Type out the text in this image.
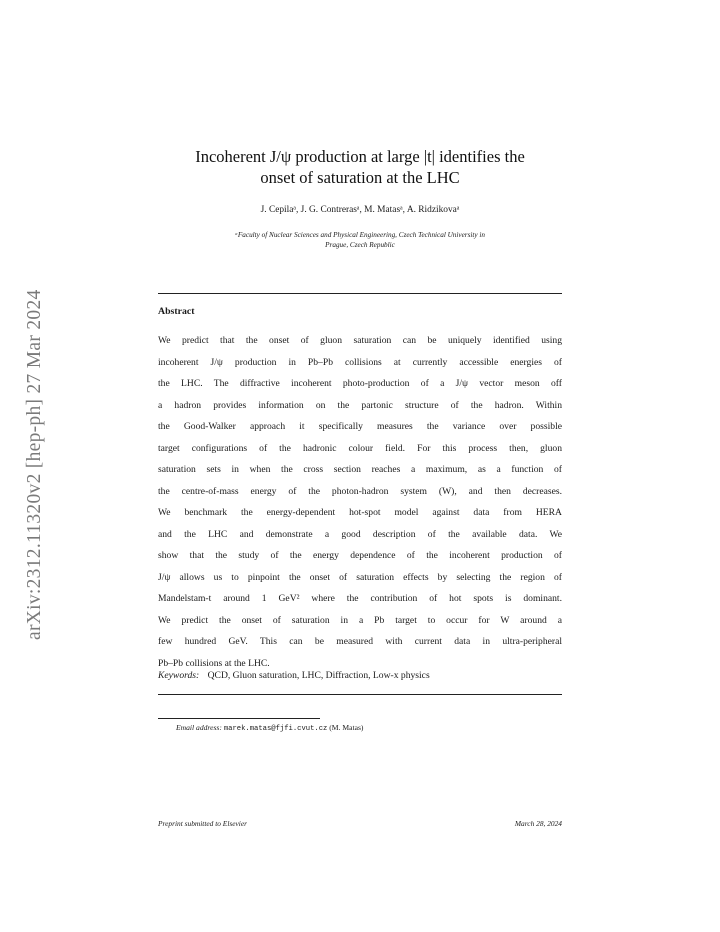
arXiv:2312.11320v2 [hep-ph] 27 Mar 2024
Incoherent J/ψ production at large |t| identifies the
onset of saturation at the LHC
J. Cepilaᵃ, J. G. Contrerasᵃ, M. Matasᵃ, A. Ridzikovaᵃ
ᵃFaculty of Nuclear Sciences and Physical Engineering, Czech Technical University in
Prague, Czech Republic
Abstract
We predict that the onset of gluon saturation can be uniquely identified using
incoherent J/ψ production in Pb–Pb collisions at currently accessible energies of
the LHC. The diffractive incoherent photo-production of a J/ψ vector meson off
a hadron provides information on the partonic structure of the hadron. Within
the Good-Walker approach it specifically measures the variance over possible
target configurations of the hadronic colour field. For this process then, gluon
saturation sets in when the cross section reaches a maximum, as a function of
the centre-of-mass energy of the photon-hadron system (W), and then decreases.
We benchmark the energy-dependent hot-spot model against data from HERA
and the LHC and demonstrate a good description of the available data. We
show that the study of the energy dependence of the incoherent production of
J/ψ allows us to pinpoint the onset of saturation effects by selecting the region of
Mandelstam-t around 1 GeV² where the contribution of hot spots is dominant.
We predict the onset of saturation in a Pb target to occur for W around a
few hundred GeV. This can be measured with current data in ultra-peripheral
Pb–Pb collisions at the LHC.
Keywords: QCD, Gluon saturation, LHC, Diffraction, Low-x physics
Email address: marek.matas@fjfi.cvut.cz (M. Matas)
Preprint submitted to Elsevier	March 28, 2024
